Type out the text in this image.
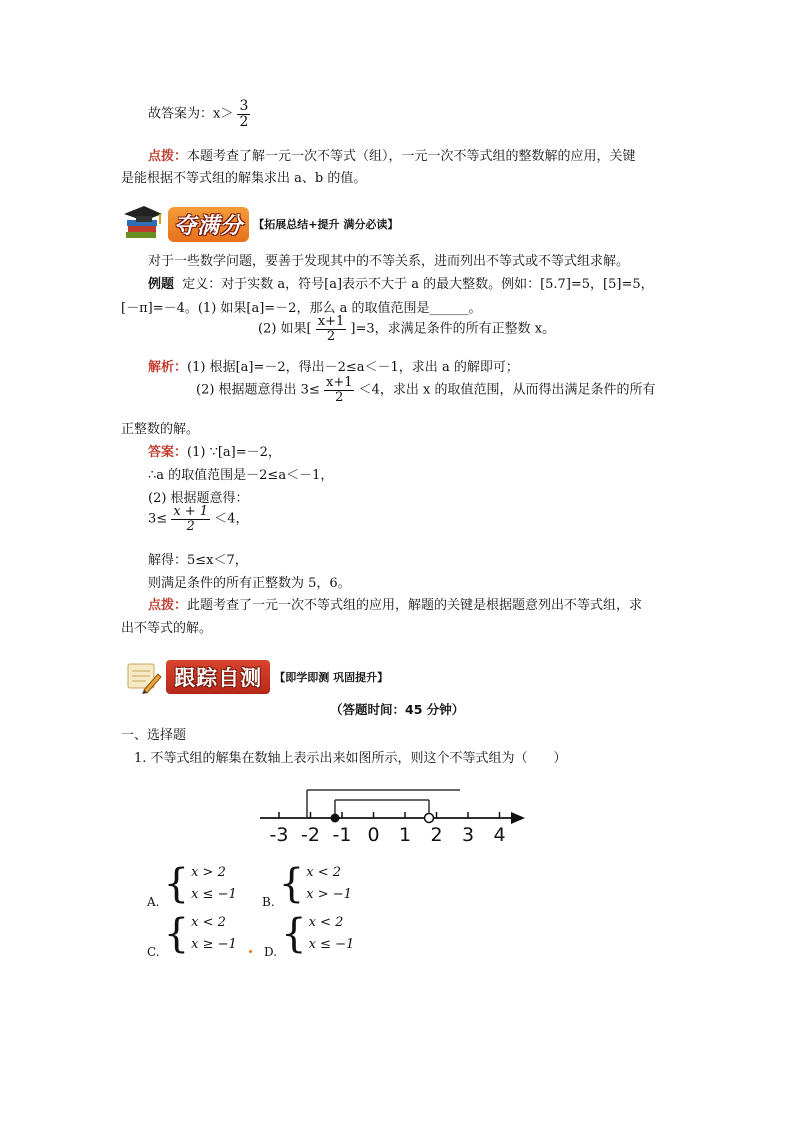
故答案为：$x> \frac{3}{2}$
点拨：本题考查了解一元一次不等式（组），一元一次不等式组的整数解的应用，关键
是能根据不等式组的解集求出 a、b 的值。
夺满分 【拓展总结+提升 满分必读】
对于一些数学问题，要善于发现其中的不等关系，进而列出不等式或不等式组求解。
例题 定义：对于实数 a，符号[a]表示不大于 a 的最大整数。例如：[5.7]=5，[5]=5，
[－π]=－4。(1) 如果[a]=－2，那么 a 的取值范围是______。
(2) 如果[ $\frac{x+1}{2} ]=3$，求满足条件的所有正整数 x。
解析：(1) 根据[a]=－2，得出－2≤a＜－1，求出 a 的解即可；
(2) 根据题意得出 $3\le \frac{x+1}{2} <4$，求出 x 的取值范围，从而得出满足条件的所有
正整数的解。
答案：(1) ∵[a]=－2，
∴a 的取值范围是－2≤a＜－1，
(2) 根据题意得：
$3\le \frac{x + 1}{2} <4$，
解得：5≤x＜7，
则满足条件的所有正整数为 5，6。
点拨：此题考查了一元一次不等式组的应用，解题的关键是根据题意列出不等式组，求
出不等式的解。
跟踪自测 【即学即测 巩固提升】
（答题时间：45 分钟）
一、选择题
1. 不等式组的解集在数轴上表示出来如图所示，则这个不等式组为（　　）
-3 -2 -1 0 1 2 3 4
A. { x > 2
x ≤ −1 B. { x < 2
x > −1
C. { x < 2
x ≥ −1 D. { x < 2
x ≤ −1
